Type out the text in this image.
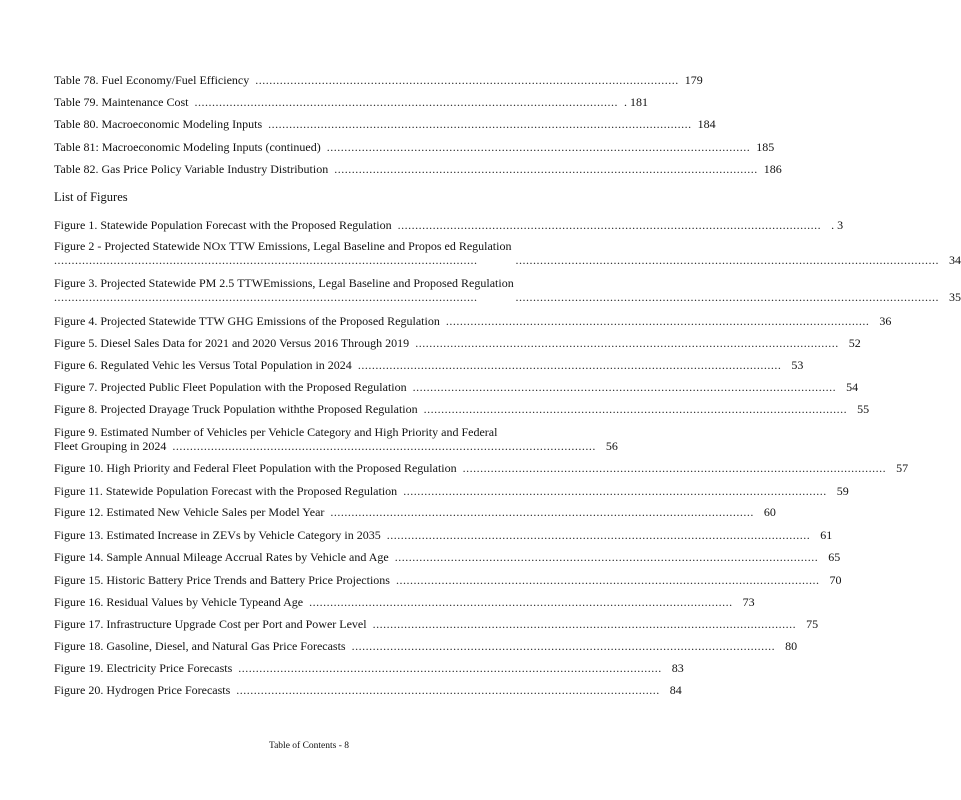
Table 78. Fuel Economy/Fuel Efficiency ......................................................................................................................... 179
Table 79. Maintenance Cost ......................................................................................................................... . 181
Table 80. Macroeconomic Modeling Inputs ......................................................................................................................... 184
Table 81: Macroeconomic Modeling Inputs (continued) ......................................................................................................................... 185
Table 82. Gas Price Policy Variable Industry Distribution ......................................................................................................................... 186
List of Figures
Figure 1. Statewide Population Forecast with the Proposed Regulation ......................................................................................................................... . 3
Figure 2 - Projected Statewide NOx TTW Emissions, Legal Baseline and Propos ed Regulation
.........................................................................................................................	......................................................................................................................... 34
Figure 3. Projected Statewide PM 2.5 TTWEmissions, Legal Baseline and Proposed Regulation
.........................................................................................................................	......................................................................................................................... 35
Figure 4. Projected Statewide TTW GHG Emissions of the Proposed Regulation ......................................................................................................................... 36
Figure 5. Diesel Sales Data for 2021 and 2020 Versus 2016 Through 2019 ......................................................................................................................... 52
Figure 6. Regulated Vehic les Versus Total Population in 2024 ......................................................................................................................... 53
Figure 7. Projected Public Fleet Population with the Proposed Regulation ......................................................................................................................... 54
Figure 8. Projected Drayage Truck Population withthe Proposed Regulation ......................................................................................................................... 55
Figure 9. Estimated Number of Vehicles per Vehicle Category and High Priority and Federal
Fleet Grouping in 2024 ......................................................................................................................... 56
Figure 10. High Priority and Federal Fleet Population with the Proposed Regulation ......................................................................................................................... 57
Figure 11. Statewide Population Forecast with the Proposed Regulation ......................................................................................................................... 59
Figure 12. Estimated New Vehicle Sales per Model Year ......................................................................................................................... 60
Figure 13. Estimated Increase in ZEVs by Vehicle Category in 2035 ......................................................................................................................... 61
Figure 14. Sample Annual Mileage Accrual Rates by Vehicle and Age ......................................................................................................................... 65
Figure 15. Historic Battery Price Trends and Battery Price Projections ......................................................................................................................... 70
Figure 16. Residual Values by Vehicle Typeand Age ......................................................................................................................... 73
Figure 17. Infrastructure Upgrade Cost per Port and Power Level ......................................................................................................................... 75
Figure 18. Gasoline, Diesel, and Natural Gas Price Forecasts ......................................................................................................................... 80
Figure 19. Electricity Price Forecasts ......................................................................................................................... 83
Figure 20. Hydrogen Price Forecasts ......................................................................................................................... 84
Table of Contents - 8
